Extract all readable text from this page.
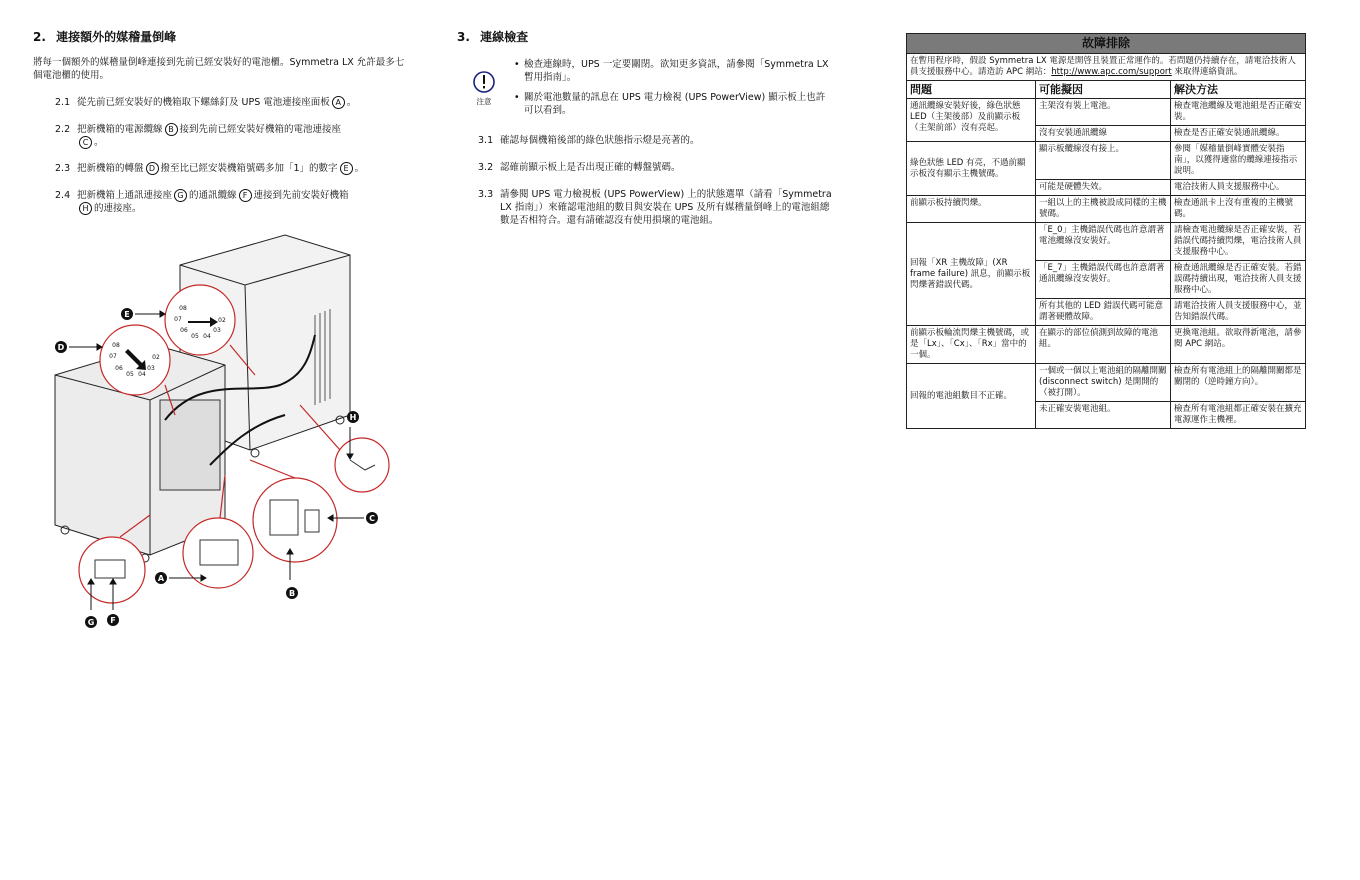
2. 連接額外的媒稽量倒峰
將每一個額外的媒稽量倒峰連接到先前已經安裝好的電池櫃。Symmetra LX 允許最多七個電池櫃的使用。
2.1 從先前已經安裝好的機箱取下螺絲釘及 UPS 電池連接座面板 A 。
2.2 把新機箱的電源纜線 B 接到先前已經安裝好機箱的電池連接座
C 。
2.3 把新機箱的轉盤 D 撥至比已經安裝機箱號碼多加「1」的數字 E 。
2.4 把新機箱上通訊連接座 G 的通訊纜線 F 連接到先前安裝好機箱
H 的連接座。
08
07	02
06	03
05 04
08
07	02
06	03
05 04
E
D
A
B
C
H
G F
3. 連線檢查
注意
• 檢查連線時，UPS 一定要關閉。欲知更多資訊，請參閱「Symmetra LX 暫用指南」。
• 關於電池數量的訊息在 UPS 電力檢視 (UPS PowerView) 顯示板上也許可以看到。
3.1 確認每個機箱後部的綠色狀態指示燈是亮著的。
3.2 認確前顯示板上是否出現正確的轉盤號碼。
3.3 請參閱 UPS 電力檢視板 (UPS PowerView) 上的狀態選單（請看「Symmetra LX 指南」）來確認電池組的數目與安裝在 UPS 及所有媒稽量倒峰上的電池組總數是否相符合。還有請確認沒有使用損壞的電池組。
故障排除		
在暫用程序時，假設 Symmetra LX 電源是開啓且裝置正常運作的。若問題仍持續存在，請電洽技術人員支援服務中心。請造訪 APC 網站：http://www.apc.com/support 來取得連絡資訊。		
問題	可能擬因	解決方法
通訊纜線安裝好後，綠色狀態 LED（主架後部）及前顯示板（主架前部）沒有亮起。	主架沒有裝上電池。	檢查電池纜線及電池組是否正確安裝。
	沒有安裝通訊纜線	檢查是否正確安裝通訊纜線。
綠色狀態 LED 有亮，不過前顯示板沒有顯示主機號碼。	顯示板纜線沒有接上。	參閱「媒稽量倒峰實體安裝指南」，以獲得適當的纜線連接指示說明。
	可能是硬體失效。	電洽技術人員支援服務中心。
前顯示板持續閃爍。	一組以上的主機被設成同樣的主機號碼。	檢查通訊卡上沒有重複的主機號碼。
回報「XR 主機故障」(XR frame failure) 訊息，前顯示板閃爍著錯誤代碼。	「E_0」主機錯誤代碼也許意謂著電池纜線沒安裝好。	請檢查電池纜線是否正確安裝，若錯誤代碼持續閃爍，電洽技術人員支援服務中心。
	「E_7」主機錯誤代碼也許意謂著通訊纜線沒安裝好。	檢查通訊纜線是否正確安裝。若錯誤碼持續出現，電洽技術人員支援服務中心。
	所有其他的 LED 錯誤代碼可能意謂著硬體故障。	請電洽技術人員支援服務中心，並告知錯誤代碼。
前顯示板輪流閃爍主機號碼，或是「Lx」、「Cx」、「Rx」當中的一個。	在顯示的部位偵測到故障的電池組。	更換電池組。欲取得新電池，請參閱 APC 網站。
回報的電池組數目不正確。	一個或一個以上電池組的隔離開關 (disconnect switch) 是開開的（被打開）。	檢查所有電池組上的隔離開關都是關閉的（逆時鐘方向）。
	未正確安裝電池組。	檢查所有電池組都正確安裝在擴充電源運作主機裡。
